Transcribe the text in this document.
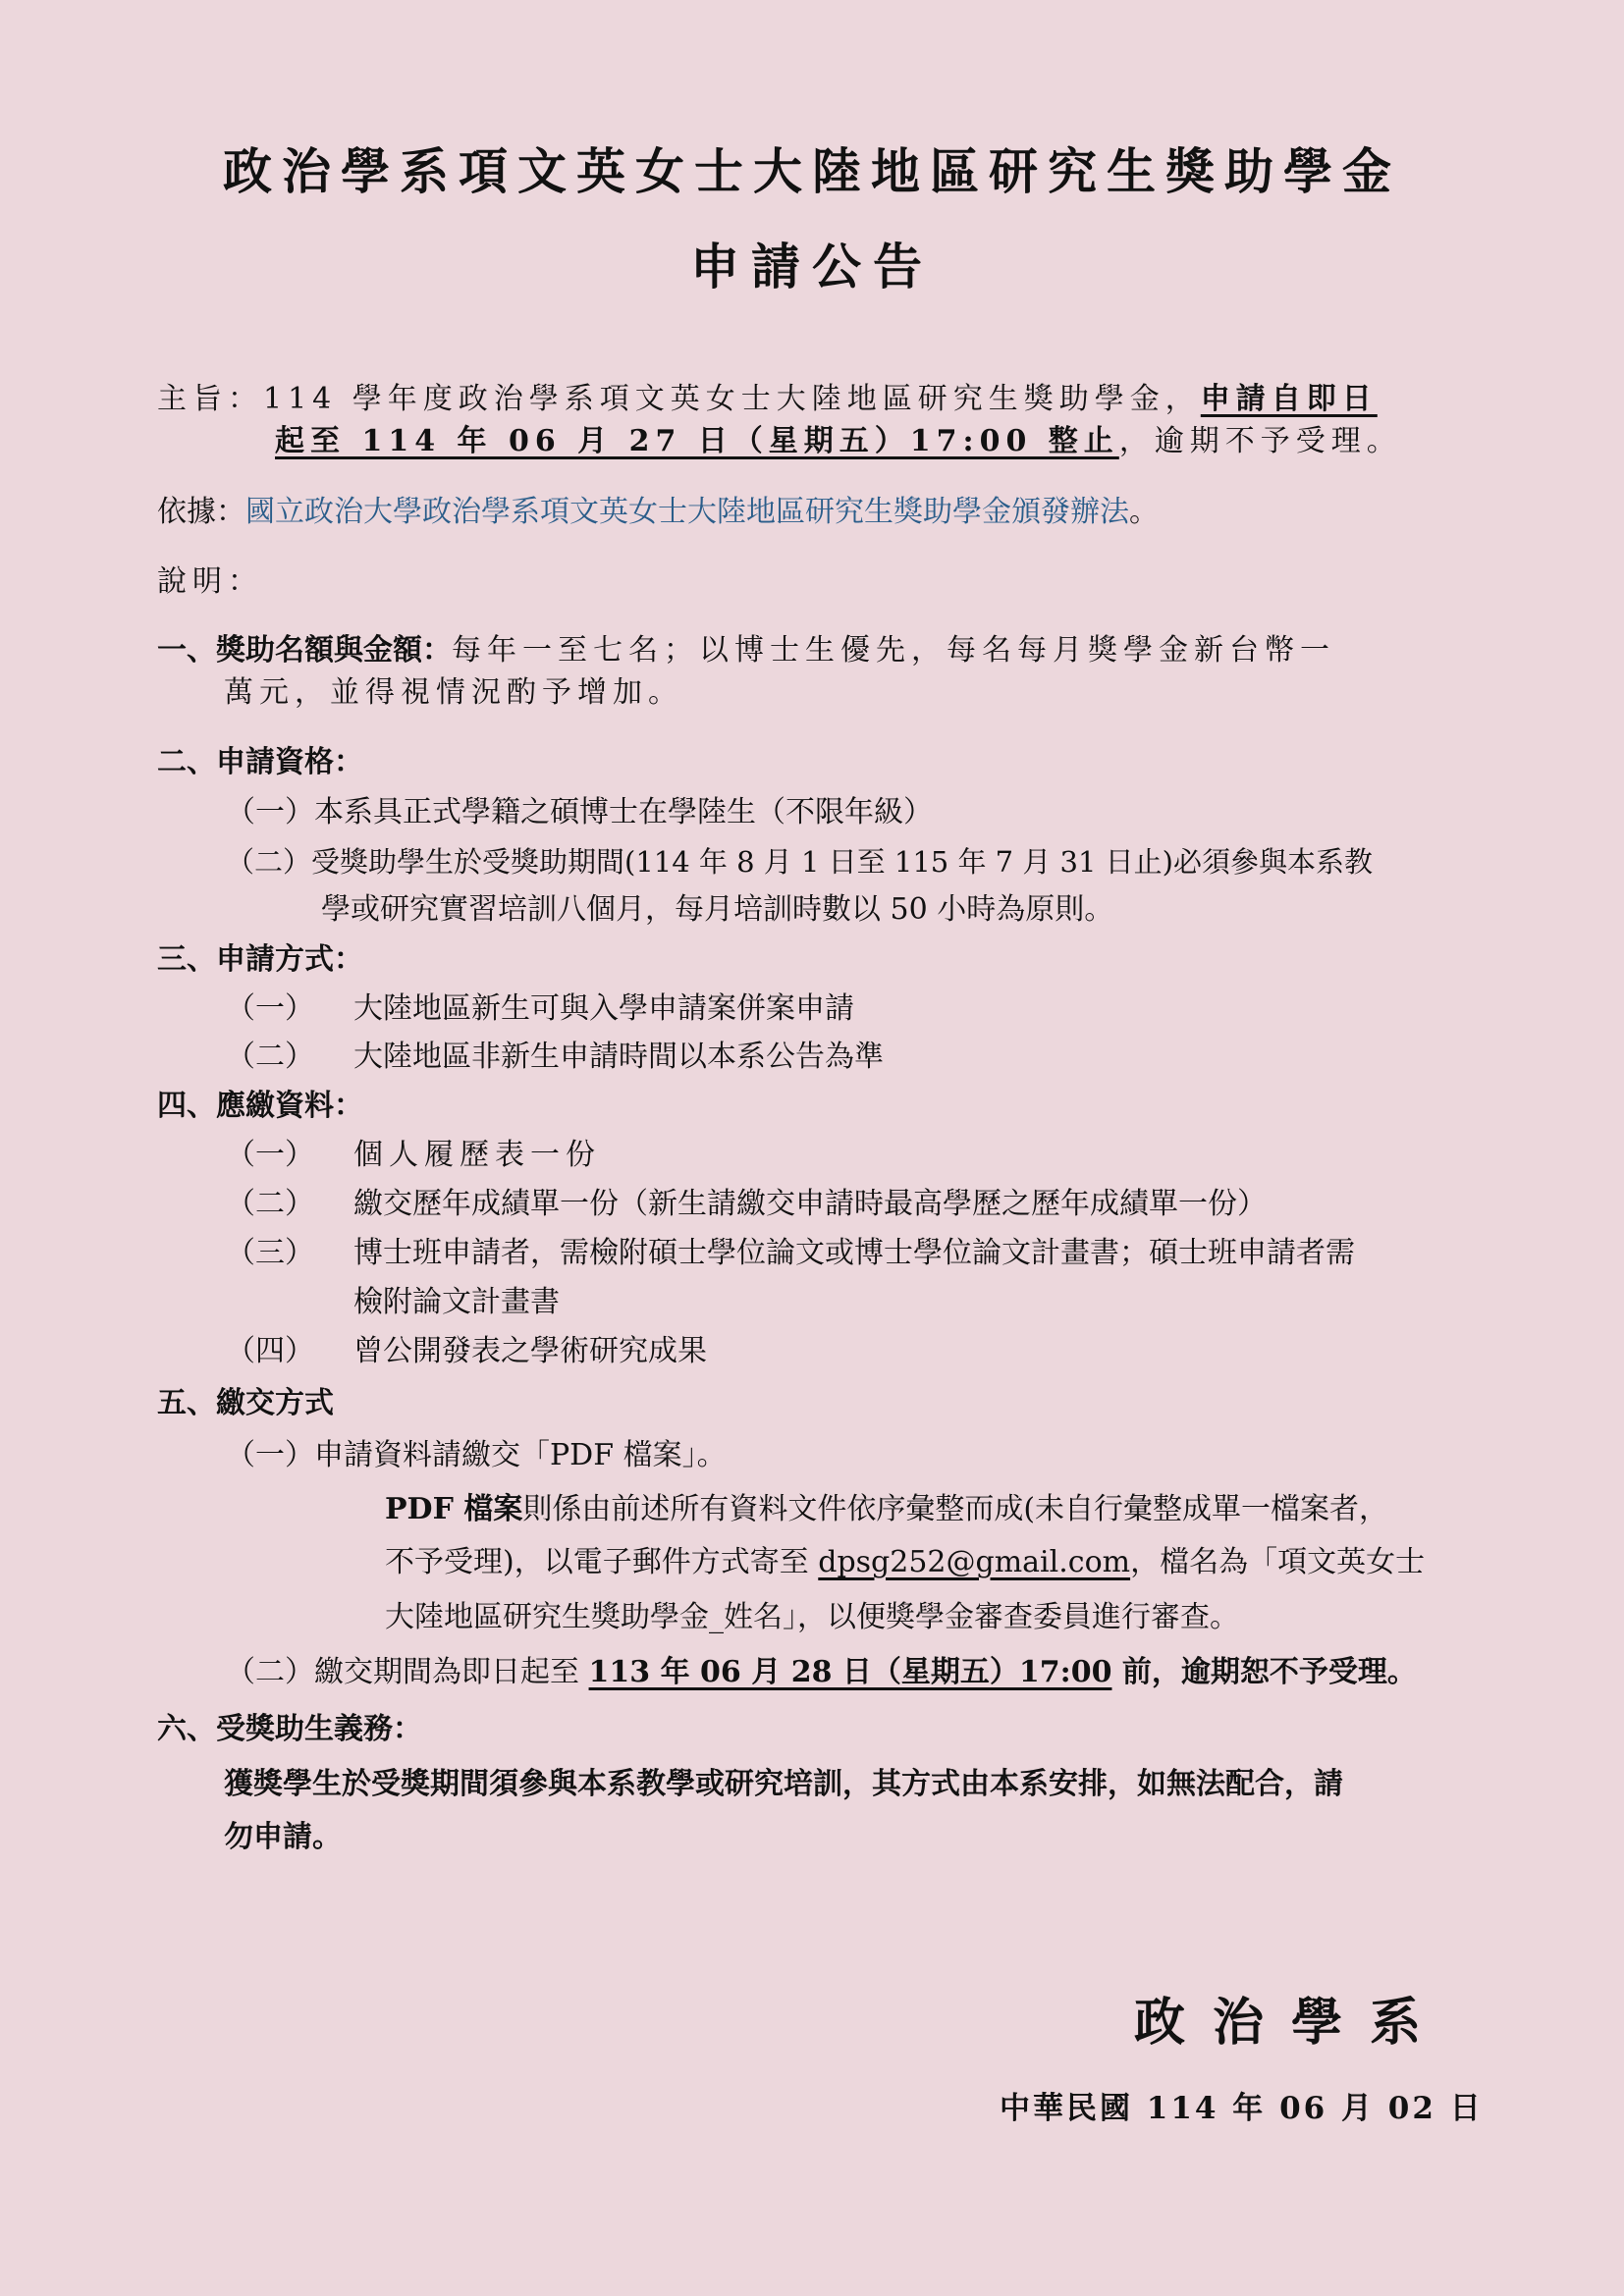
政治學系項文英女士大陸地區研究生獎助學金
申請公告
主旨：114 學年度政治學系項文英女士大陸地區研究生獎助學金，申請自即日
起至 114 年 06 月 27 日（星期五）17:00 整止，逾期不予受理。
依據：國立政治大學政治學系項文英女士大陸地區研究生獎助學金頒發辦法。
說明：
一、獎助名額與金額：每年一至七名；以博士生優先，每名每月獎學金新台幣一
萬元，並得視情況酌予增加。
二、申請資格：
（一）本系具正式學籍之碩博士在學陸生（不限年級）
（二）受獎助學生於受獎助期間(114 年 8 月 1 日至 115 年 7 月 31 日止)必須參與本系教
學或研究實習培訓八個月，每月培訓時數以 50 小時為原則。
三、申請方式：
（一） 大陸地區新生可與入學申請案併案申請
（二） 大陸地區非新生申請時間以本系公告為準
四、應繳資料：
（一） 個人履歷表一份
（二） 繳交歷年成績單一份（新生請繳交申請時最高學歷之歷年成績單一份）
（三） 博士班申請者，需檢附碩士學位論文或博士學位論文計畫書；碩士班申請者需
檢附論文計畫書
（四） 曾公開發表之學術研究成果
五、繳交方式
（一）申請資料請繳交「PDF 檔案」。
PDF 檔案則係由前述所有資料文件依序彙整而成(未自行彙整成單一檔案者，
不予受理)，以電子郵件方式寄至 dpsg252@gmail.com，檔名為「項文英女士
大陸地區研究生獎助學金_姓名」，以便獎學金審查委員進行審查。
（二）繳交期間為即日起至 113 年 06 月 28 日（星期五）17:00 前，逾期恕不予受理。
六、受獎助生義務：
獲獎學生於受獎期間須參與本系教學或研究培訓，其方式由本系安排，如無法配合，請
勿申請。
政治學系
中華民國 114 年 06 月 02 日
